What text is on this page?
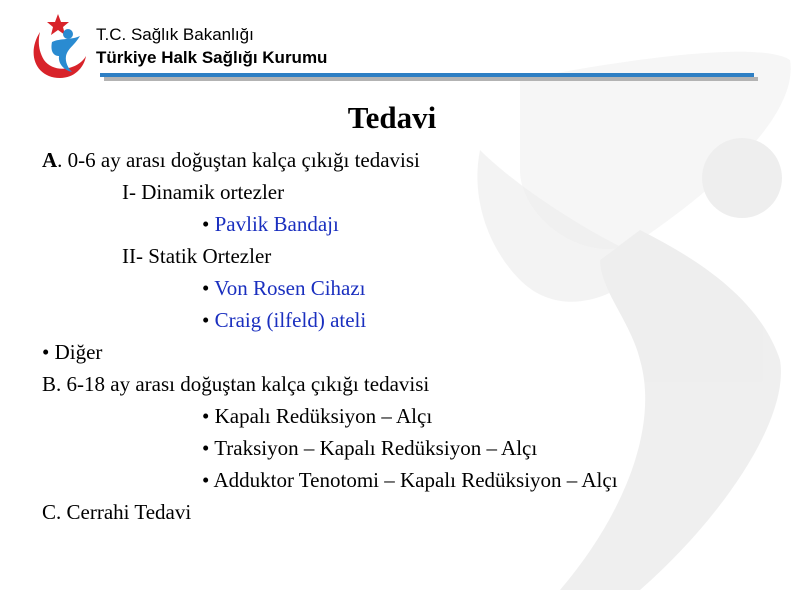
T.C. Sağlık Bakanlığı
Türkiye Halk Sağlığı Kurumu
Tedavi
A. 0-6 ay arası doğuştan kalça çıkığı tedavisi
I- Dinamik ortezler
• Pavlik Bandajı
II- Statik Ortezler
• Von Rosen Cihazı
• Craig (ilfeld) ateli
• Diğer
B. 6-18 ay arası doğuştan kalça çıkığı tedavisi
• Kapalı Redüksiyon – Alçı
• Traksiyon – Kapalı Redüksiyon – Alçı
• Adduktor Tenotomi – Kapalı Redüksiyon – Alçı
C. Cerrahi Tedavi
